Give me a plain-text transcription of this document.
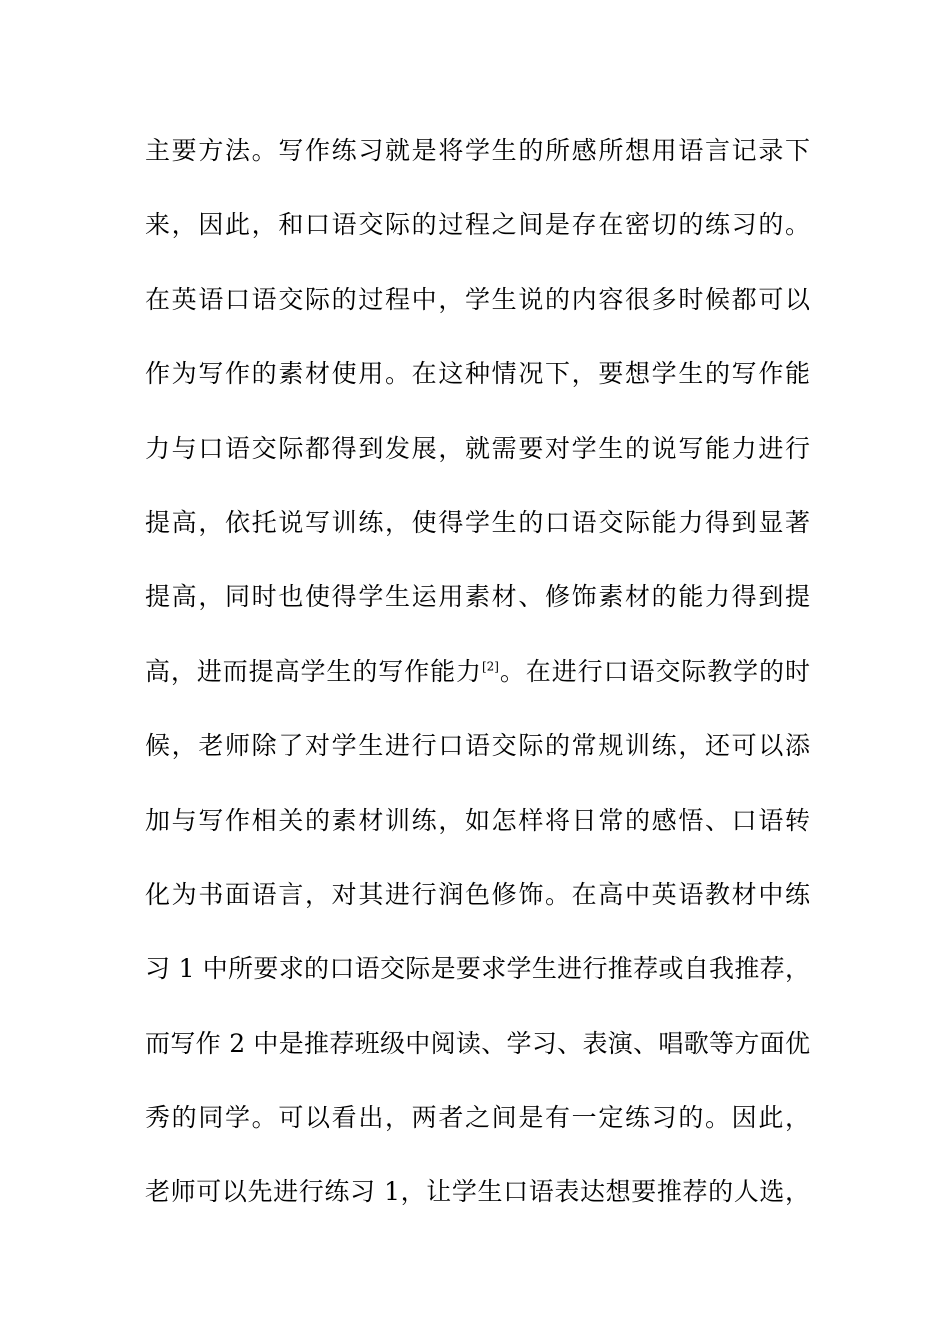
主要方法。写作练习就是将学生的所感所想用语言记录下
来，因此，和口语交际的过程之间是存在密切的练习的。
在英语口语交际的过程中，学生说的内容很多时候都可以
作为写作的素材使用。在这种情况下，要想学生的写作能
力与口语交际都得到发展，就需要对学生的说写能力进行
提高，依托说写训练，使得学生的口语交际能力得到显著
提高，同时也使得学生运用素材、修饰素材的能力得到提
高，进而提高学生的写作能力[2]。在进行口语交际教学的时
候，老师除了对学生进行口语交际的常规训练，还可以添
加与写作相关的素材训练，如怎样将日常的感悟、口语转
化为书面语言，对其进行润色修饰。在高中英语教材中练
习 1 中所要求的口语交际是要求学生进行推荐或自我推荐，
而写作 2 中是推荐班级中阅读、学习、表演、唱歌等方面优
秀的同学。可以看出，两者之间是有一定练习的。因此，
老师可以先进行练习 1，让学生口语表达想要推荐的人选，
